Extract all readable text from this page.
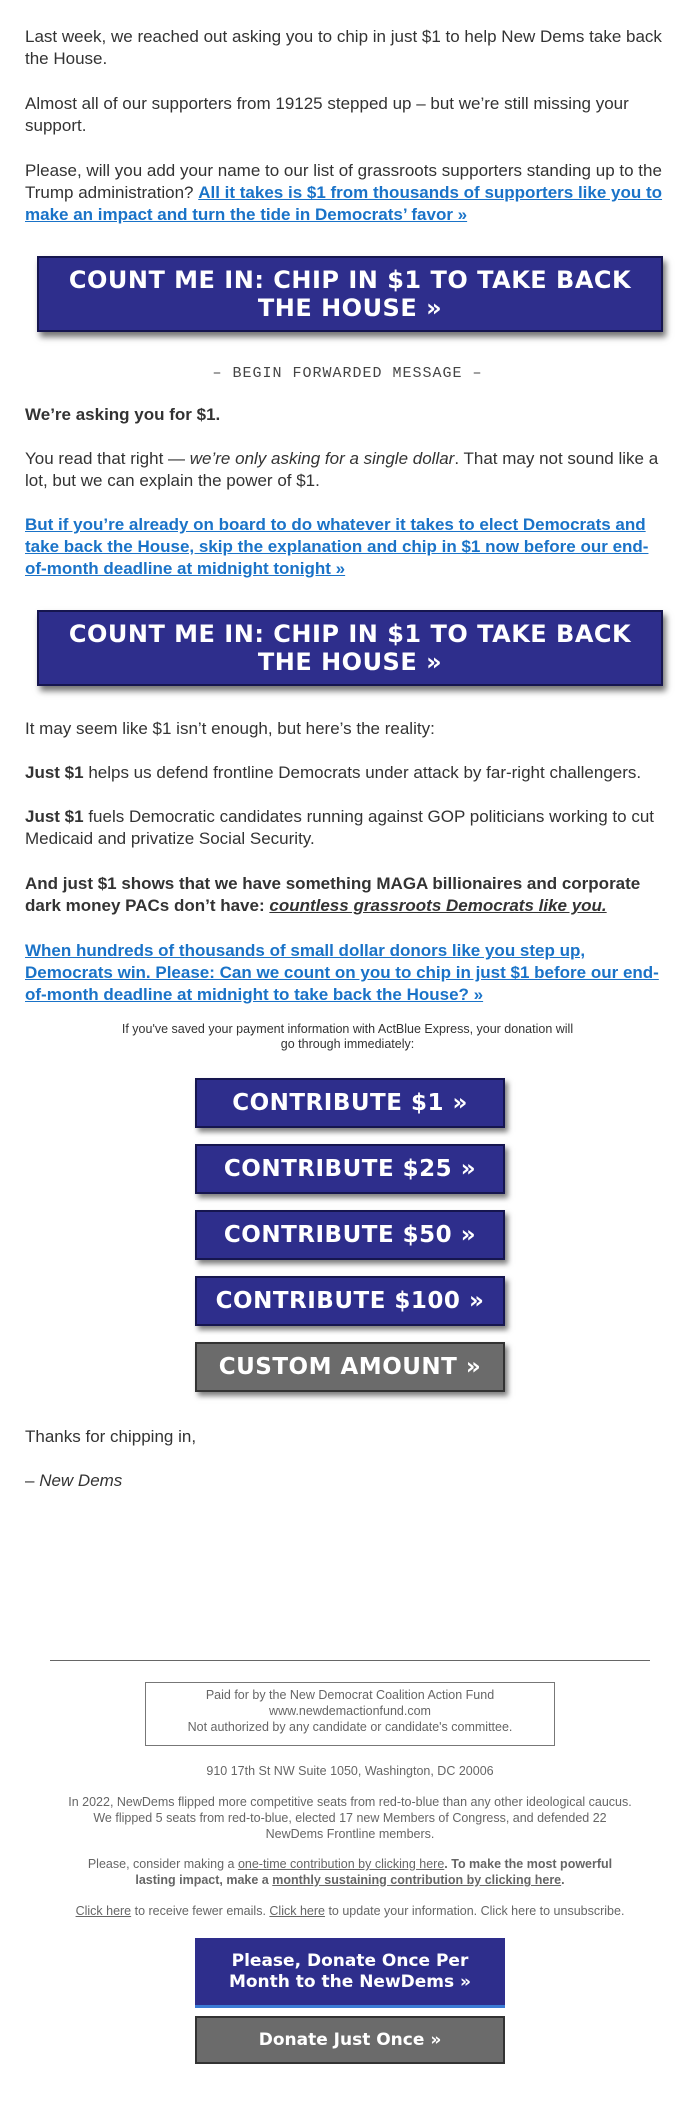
Last week, we reached out asking you to chip in just $1 to help New Dems take back the House.

Almost all of our supporters from 19125 stepped up – but we’re still missing your support.

Please, will you add your name to our list of grassroots supporters standing up to the Trump administration? All it takes is $1 from thousands of supporters like you to make an impact and turn the tide in Democrats’ favor »

COUNT ME IN: CHIP IN $1 TO TAKE BACK THE HOUSE »
– BEGIN FORWARDED MESSAGE –

We’re asking you for $1.

You read that right — we’re only asking for a single dollar. That may not sound like a lot, but we can explain the power of $1.

But if you’re already on board to do whatever it takes to elect Democrats and take back the House, skip the explanation and chip in $1 now before our end-of-month deadline at midnight tonight »

COUNT ME IN: CHIP IN $1 TO TAKE BACK THE HOUSE »

It may seem like $1 isn’t enough, but here’s the reality:

Just $1 helps us defend frontline Democrats under attack by far-right challengers.

Just $1 fuels Democratic candidates running against GOP politicians working to cut Medicaid and privatize Social Security.

And just $1 shows that we have something MAGA billionaires and corporate dark money PACs don’t have: countless grassroots Democrats like you.

When hundreds of thousands of small dollar donors like you step up, Democrats win. Please: Can we count on you to chip in just $1 before our end-of-month deadline at midnight to take back the House? »

If you've saved your payment information with ActBlue Express, your donation will go through immediately:

CONTRIBUTE $1 »
CONTRIBUTE $25 »
CONTRIBUTE $50 »
CONTRIBUTE $100 »
CUSTOM AMOUNT »

Thanks for chipping in,

– New Dems

Paid for by the New Democrat Coalition Action Fund
www.newdemactionfund.com
Not authorized by any candidate or candidate's committee.
910 17th St NW Suite 1050, Washington, DC 20006
In 2022, NewDems flipped more competitive seats from red-to-blue than any other ideological caucus. We flipped 5 seats from red-to-blue, elected 17 new Members of Congress, and defended 22 NewDems Frontline members.
Please, consider making a one-time contribution by clicking here. To make the most powerful lasting impact, make a monthly sustaining contribution by clicking here.
Click here to receive fewer emails. Click here to update your information. Click here to unsubscribe.
Please, Donate Once Per Month to the NewDems »
Donate Just Once »
